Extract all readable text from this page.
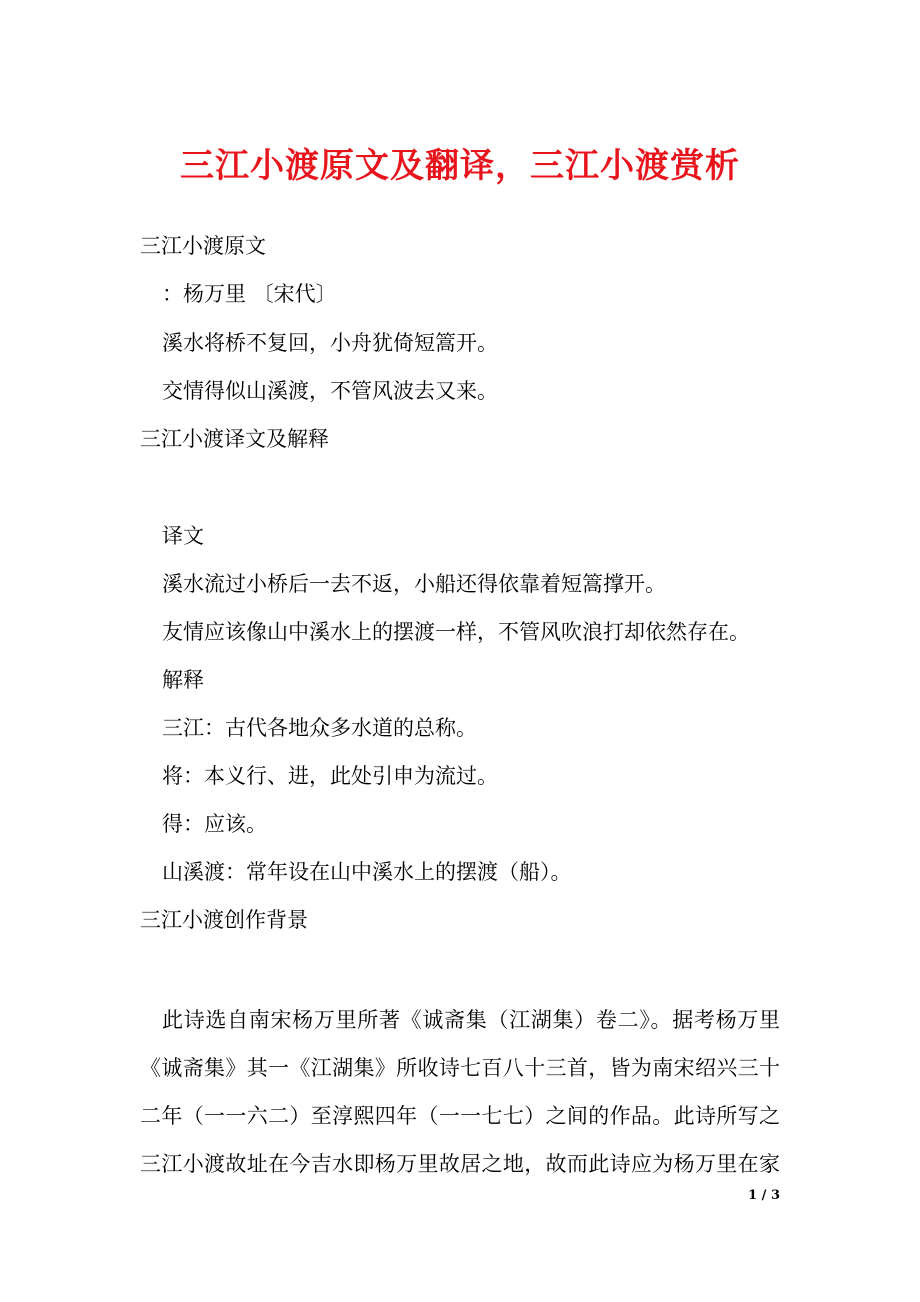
三江小渡原文及翻译，三江小渡赏析
三江小渡原文
：杨万里 〔宋代〕
溪水将桥不复回，小舟犹倚短篙开。
交情得似山溪渡，不管风波去又来。
三江小渡译文及解释
译文
溪水流过小桥后一去不返，小船还得依靠着短篙撑开。
友情应该像山中溪水上的摆渡一样，不管风吹浪打却依然存在。
解释
三江：古代各地众多水道的总称。
将：本义行、进，此处引申为流过。
得：应该。
山溪渡：常年设在山中溪水上的摆渡（船）。
三江小渡创作背景
此诗选自南宋杨万里所著《诚斋集（江湖集）卷二》。据考杨万里
《诚斋集》其一《江湖集》所收诗七百八十三首，皆为南宋绍兴三十
二年（一一六二）至淳熙四年（一一七七）之间的作品。此诗所写之
三江小渡故址在今吉水即杨万里故居之地，故而此诗应为杨万里在家
1 / 3
